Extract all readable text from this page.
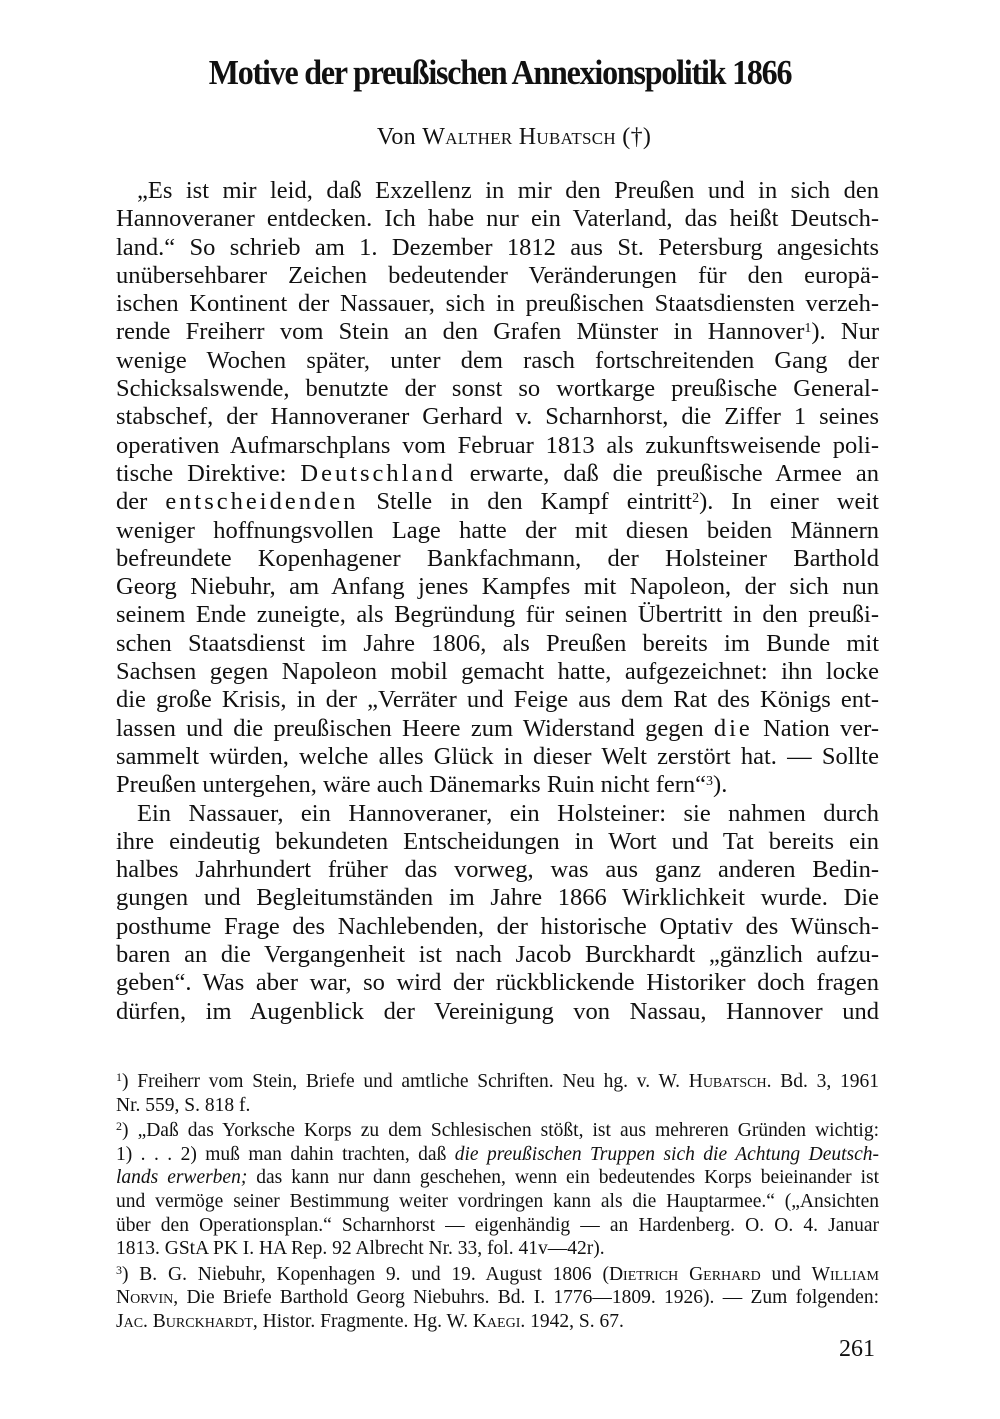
Motive der preußischen Annexionspolitik 1866
Von Walther Hubatsch (†)
„Es ist mir leid, daß Exzellenz in mir den Preußen und in sich den
Hannoveraner entdecken. Ich habe nur ein Vaterland, das heißt Deutsch-
land.“ So schrieb am 1. Dezember 1812 aus St. Petersburg angesichts
unübersehbarer Zeichen bedeutender Veränderungen für den europä-
ischen Kontinent der Nassauer, sich in preußischen Staatsdiensten verzeh-
rende Freiherr vom Stein an den Grafen Münster in Hannover$^1$). Nur
wenige Wochen später, unter dem rasch fortschreitenden Gang der
Schicksalswende, benutzte der sonst so wortkarge preußische General-
stabschef, der Hannoveraner Gerhard v. Scharnhorst, die Ziffer 1 seines
operativen Aufmarschplans vom Februar 1813 als zukunftsweisende poli-
tische Direktive: Deutschland erwarte, daß die preußische Armee an
der entscheidenden Stelle in den Kampf eintritt$^2$). In einer weit
weniger hoffnungsvollen Lage hatte der mit diesen beiden Männern
befreundete Kopenhagener Bankfachmann, der Holsteiner Barthold
Georg Niebuhr, am Anfang jenes Kampfes mit Napoleon, der sich nun
seinem Ende zuneigte, als Begründung für seinen Übertritt in den preußi-
schen Staatsdienst im Jahre 1806, als Preußen bereits im Bunde mit
Sachsen gegen Napoleon mobil gemacht hatte, aufgezeichnet: ihn locke
die große Krisis, in der „Verräter und Feige aus dem Rat des Königs ent-
lassen und die preußischen Heere zum Widerstand gegen die Nation ver-
sammelt würden, welche alles Glück in dieser Welt zerstört hat. — Sollte
Preußen untergehen, wäre auch Dänemarks Ruin nicht fern“$^3$).
Ein Nassauer, ein Hannoveraner, ein Holsteiner: sie nahmen durch
ihre eindeutig bekundeten Entscheidungen in Wort und Tat bereits ein
halbes Jahrhundert früher das vorweg, was aus ganz anderen Bedin-
gungen und Begleitumständen im Jahre 1866 Wirklichkeit wurde. Die
posthume Frage des Nachlebenden, der historische Optativ des Wünsch-
baren an die Vergangenheit ist nach Jacob Burckhardt „gänzlich aufzu-
geben“. Was aber war, so wird der rückblickende Historiker doch fragen
dürfen, im Augenblick der Vereinigung von Nassau, Hannover und
$^1$) Freiherr vom Stein, Briefe und amtliche Schriften. Neu hg. v. W. Hubatsch. Bd. 3, 1961
Nr. 559, S. 818 f.
$^2$) „Daß das Yorksche Korps zu dem Schlesischen stößt, ist aus mehreren Gründen wichtig:
1) . . . 2) muß man dahin trachten, daß die preußischen Truppen sich die Achtung Deutsch-
lands erwerben; das kann nur dann geschehen, wenn ein bedeutendes Korps beieinander ist
und vermöge seiner Bestimmung weiter vordringen kann als die Hauptarmee.“ („Ansichten
über den Operationsplan.“ Scharnhorst — eigenhändig — an Hardenberg. O. O. 4. Januar
1813. GStA PK I. HA Rep. 92 Albrecht Nr. 33, fol. 41v—42r).
$^3$) B. G. Niebuhr, Kopenhagen 9. und 19. August 1806 (Dietrich Gerhard und William
Norvin, Die Briefe Barthold Georg Niebuhrs. Bd. I. 1776—1809. 1926). — Zum folgenden:
Jac. Burckhardt, Histor. Fragmente. Hg. W. Kaegi. 1942, S. 67.
261
